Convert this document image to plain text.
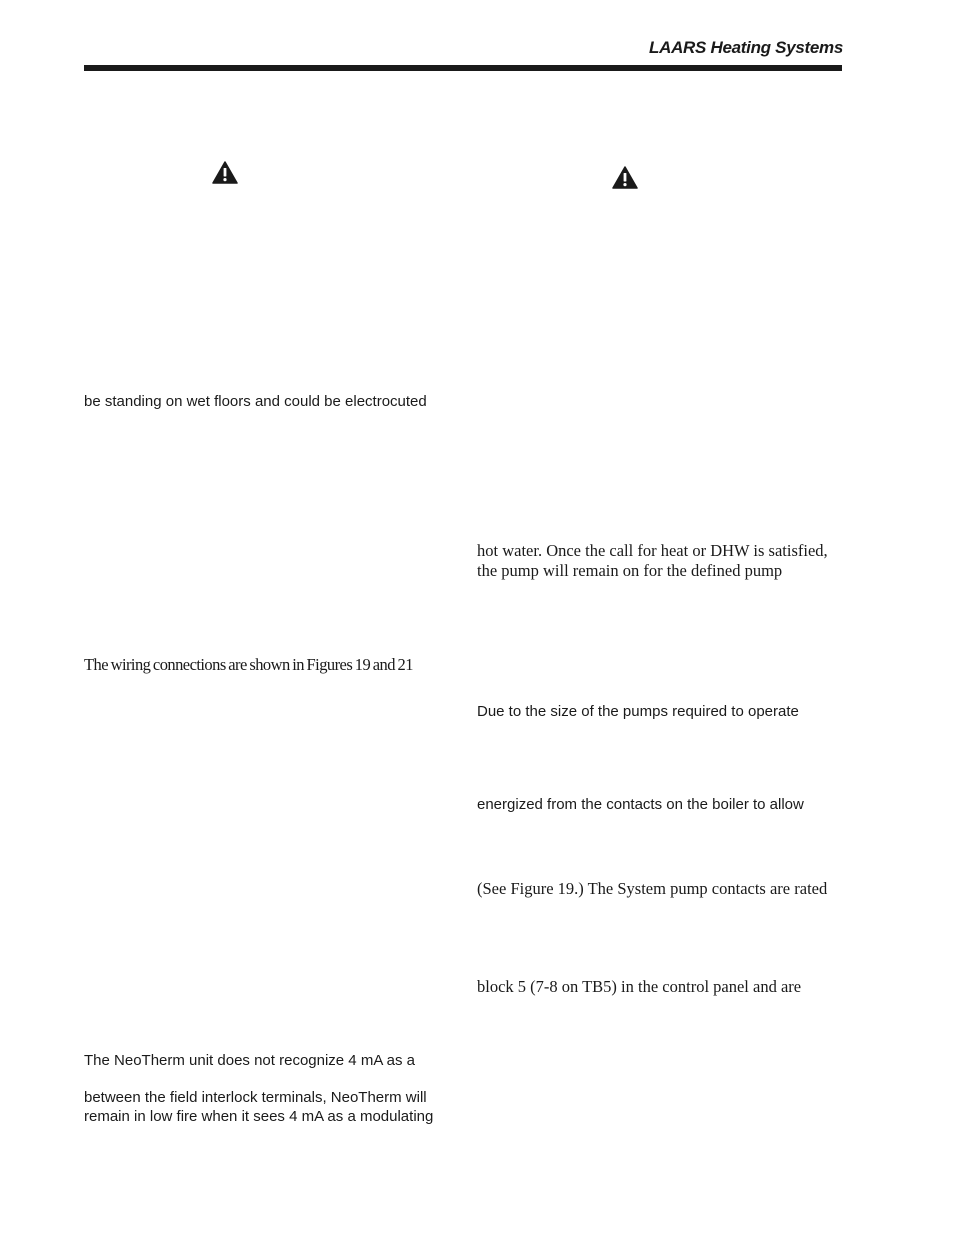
LAARS Heating Systems
be standing on wet floors and could be electrocuted
The wiring connections are shown in Figures 19 and 21
The NeoTherm unit does not recognize 4 mA as a
between the field interlock terminals, NeoTherm will
remain in low fire when it sees 4 mA as a modulating
hot water. Once the call for heat or DHW is satisfied,
the pump will remain on for the defined pump
Due to the size of the pumps required to operate
energized from the contacts on the boiler to allow
(See Figure 19.) The System pump contacts are rated
block 5 (7-8 on TB5) in the control panel and are
